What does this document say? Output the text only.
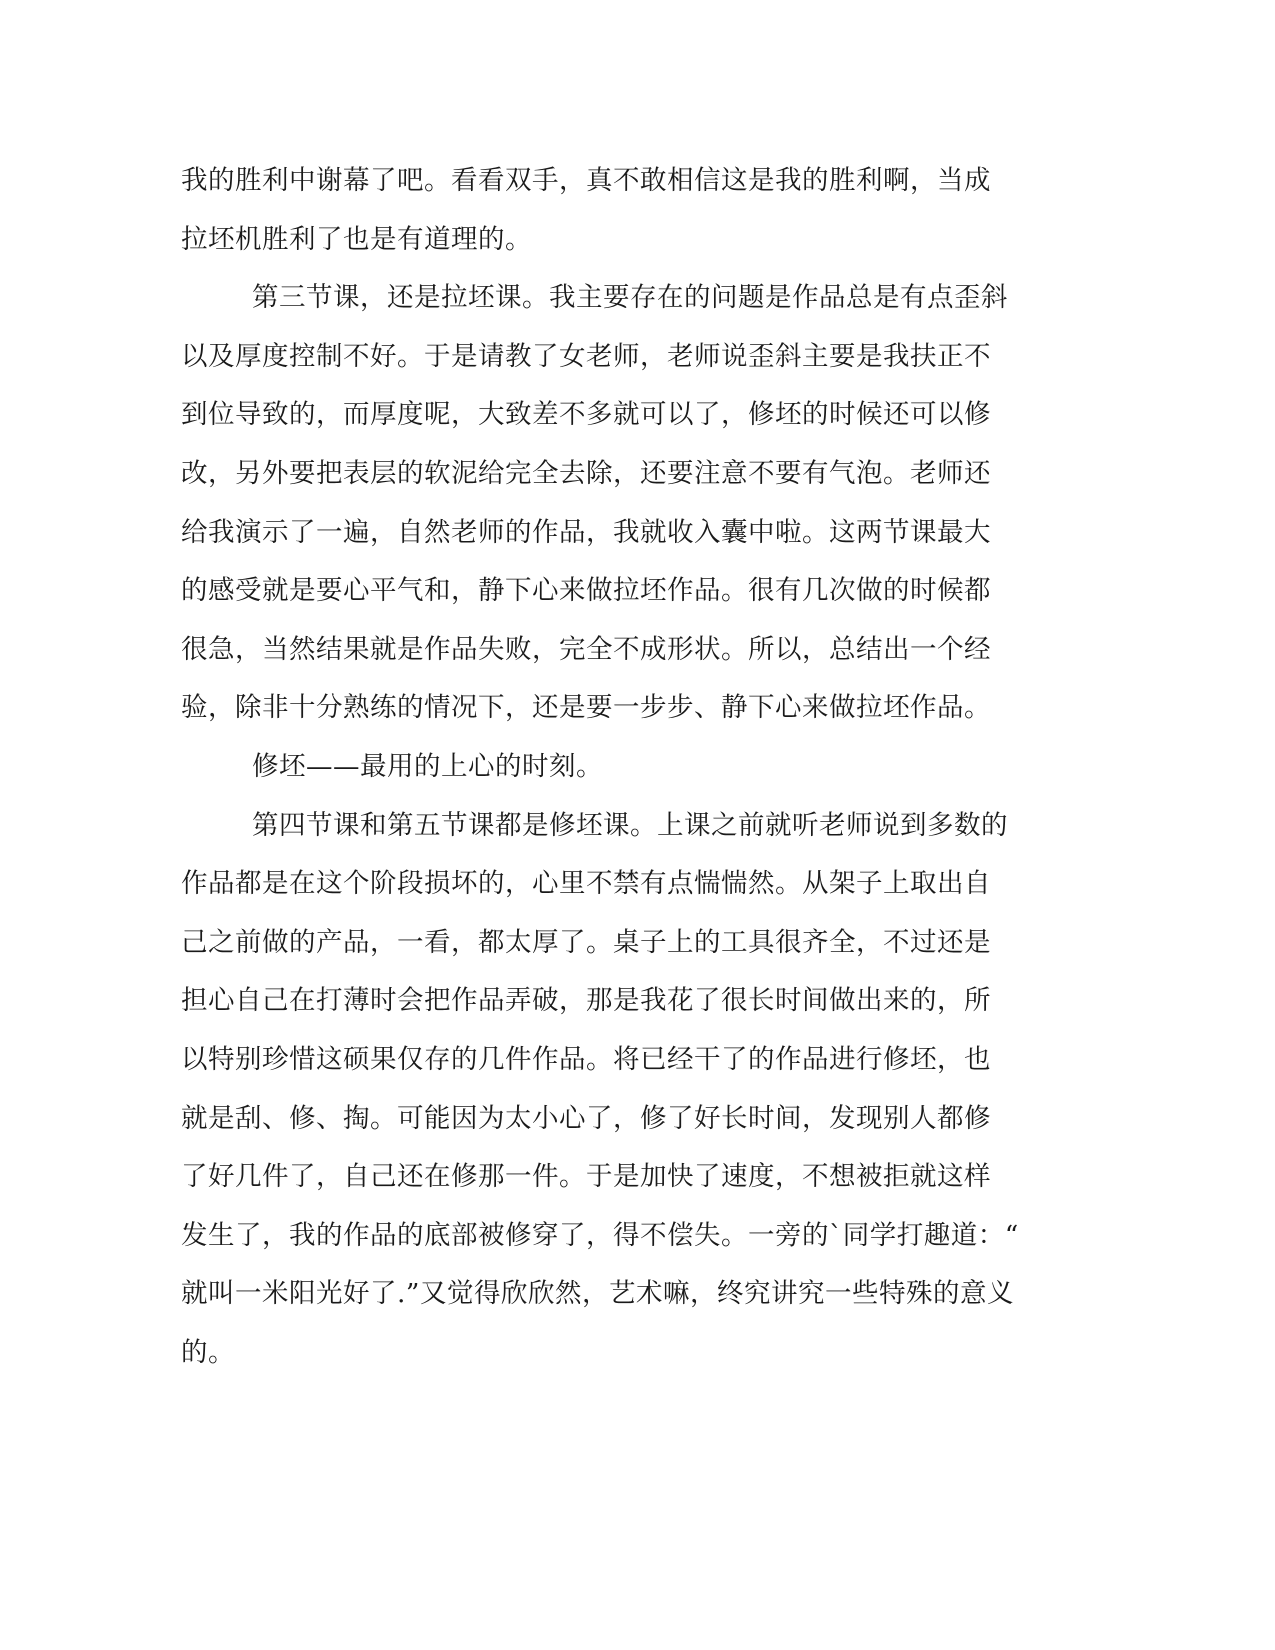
我的胜利中谢幕了吧。看看双手，真不敢相信这是我的胜利啊，当成
拉坯机胜利了也是有道理的。
第三节课，还是拉坯课。我主要存在的问题是作品总是有点歪斜
以及厚度控制不好。于是请教了女老师，老师说歪斜主要是我扶正不
到位导致的，而厚度呢，大致差不多就可以了，修坯的时候还可以修
改，另外要把表层的软泥给完全去除，还要注意不要有气泡。老师还
给我演示了一遍，自然老师的作品，我就收入囊中啦。这两节课最大
的感受就是要心平气和，静下心来做拉坯作品。很有几次做的时候都
很急，当然结果就是作品失败，完全不成形状。所以，总结出一个经
验，除非十分熟练的情况下，还是要一步步、静下心来做拉坯作品。
修坯——最用的上心的时刻。
第四节课和第五节课都是修坯课。上课之前就听老师说到多数的
作品都是在这个阶段损坏的，心里不禁有点惴惴然。从架子上取出自
己之前做的产品，一看，都太厚了。桌子上的工具很齐全，不过还是
担心自己在打薄时会把作品弄破，那是我花了很长时间做出来的，所
以特别珍惜这硕果仅存的几件作品。将已经干了的作品进行修坯，也
就是刮、修、掏。可能因为太小心了，修了好长时间，发现别人都修
了好几件了，自己还在修那一件。于是加快了速度，不想被拒就这样
发生了，我的作品的底部被修穿了，得不偿失。一旁的`同学打趣道：“
就叫一米阳光好了.”又觉得欣欣然，艺术嘛，终究讲究一些特殊的意义
的。
